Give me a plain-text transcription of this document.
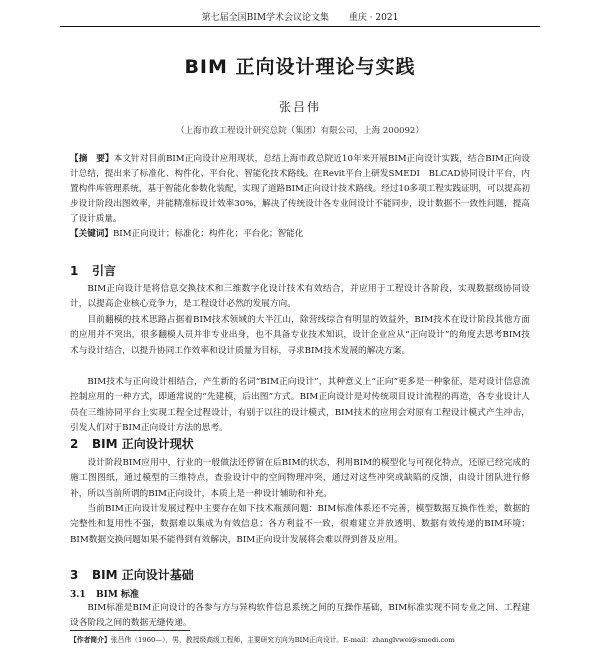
第七届全国BIM学术会议论文集 重庆 · 2021
BIM 正向设计理论与实践
张吕伟
（上海市政工程设计研究总院（集团）有限公司，上海 200092）
【摘　要】本文针对目前BIM正向设计应用现状，总结上海市政总院近10年来开展BIM正向设计实践，结合BIM正向设计总结，提出来了标准化、构件化、平台化、智能化技术路线。在Revit平台上研发SMEDI　BLCAD协同设计平台，内置构件库管理系统，基于智能化参数化装配，实现了道路BIM正向设计技术路线。经过10多项工程实践证明，可以提高初步设计阶段出图效率，并能精准标设计效率30%，解决了传统设计各专业间设计不能同步，设计数据不一致性问题，提高了设计质量。
【关键词】BIM正向设计；标准化；构件化；平台化；智能化
1 引言
BIM正向设计是将信息交换技术和三维数字化设计技术有效结合，并应用于工程设计各阶段，实现数据级协同设计，以提高企业核心竞争力，是工程设计必然的发展方向。
目前翻模的技术思路占据着BIM技术领域的大半江山，除营线综合有明显的效益外，BIM技术在设计阶段其他方面的应用并不突出，很多翻模人员并非专业出身，也不具备专业技术知识，设计企业应从“正向设计”的角度去思考BIM技术与设计结合，以提升协同工作效率和设计质量为目标，寻求BIM技术发展的解决方案。
BIM技术与正向设计相结合，产生新的名词“BIM正向设计”，其种意义上“正向”更多是一种象征，是对设计信息流控制应用的一种方式，即通常说的“先建模，后出图”方式。BIM正向设计是对传统项目设计流程的再造，各专业设计人员在三维协同平台上实现工程全过程设计，有别于以往的设计模式，BIM技术的应用会对原有工程设计模式产生冲击，引发人们对于BIM正向设计方法的思考。
2 BIM 正向设计现状
设计阶段BIM应用中，行业的一般做法还停留在后BIM的状态，利用BIM的模型化与可视化特点，还原已经完成的施工图图纸，通过模型的三维特点，查验设计中的空间物理冲突，通过对这些冲突或缺陷的反馈，由设计团队进行修补，所以当前所谓的BIM正向设计，本质上是一种设计辅助和补充。
当前BIM正向设计发展过程中主要存在如下技术瓶颈问题：BIM标准体系还不完善，模型数据互换作性差，数据的完整性和复用性不强，数据难以集成为有效信息；各方利益不一致，很难建立并放透明、数据有效传递的BIM环境；BIM数据交换问题如果不能得到有效解决，BIM正向设计发展将会难以得到普及应用。
3 BIM 正向设计基础
3.1 BIM 标准
BIM标准是BIM正向设计的各参与方与异构软件信息系统之间的互操作基础，BIM标准实现不同专业之间、工程建设各阶段之间的数据无缝传递。
【作者简介】张吕伟（1960—），男，教授级高级工程师，主要研究方向为BIM正向设计。E-mail：zhanglvwei@smedi.com
